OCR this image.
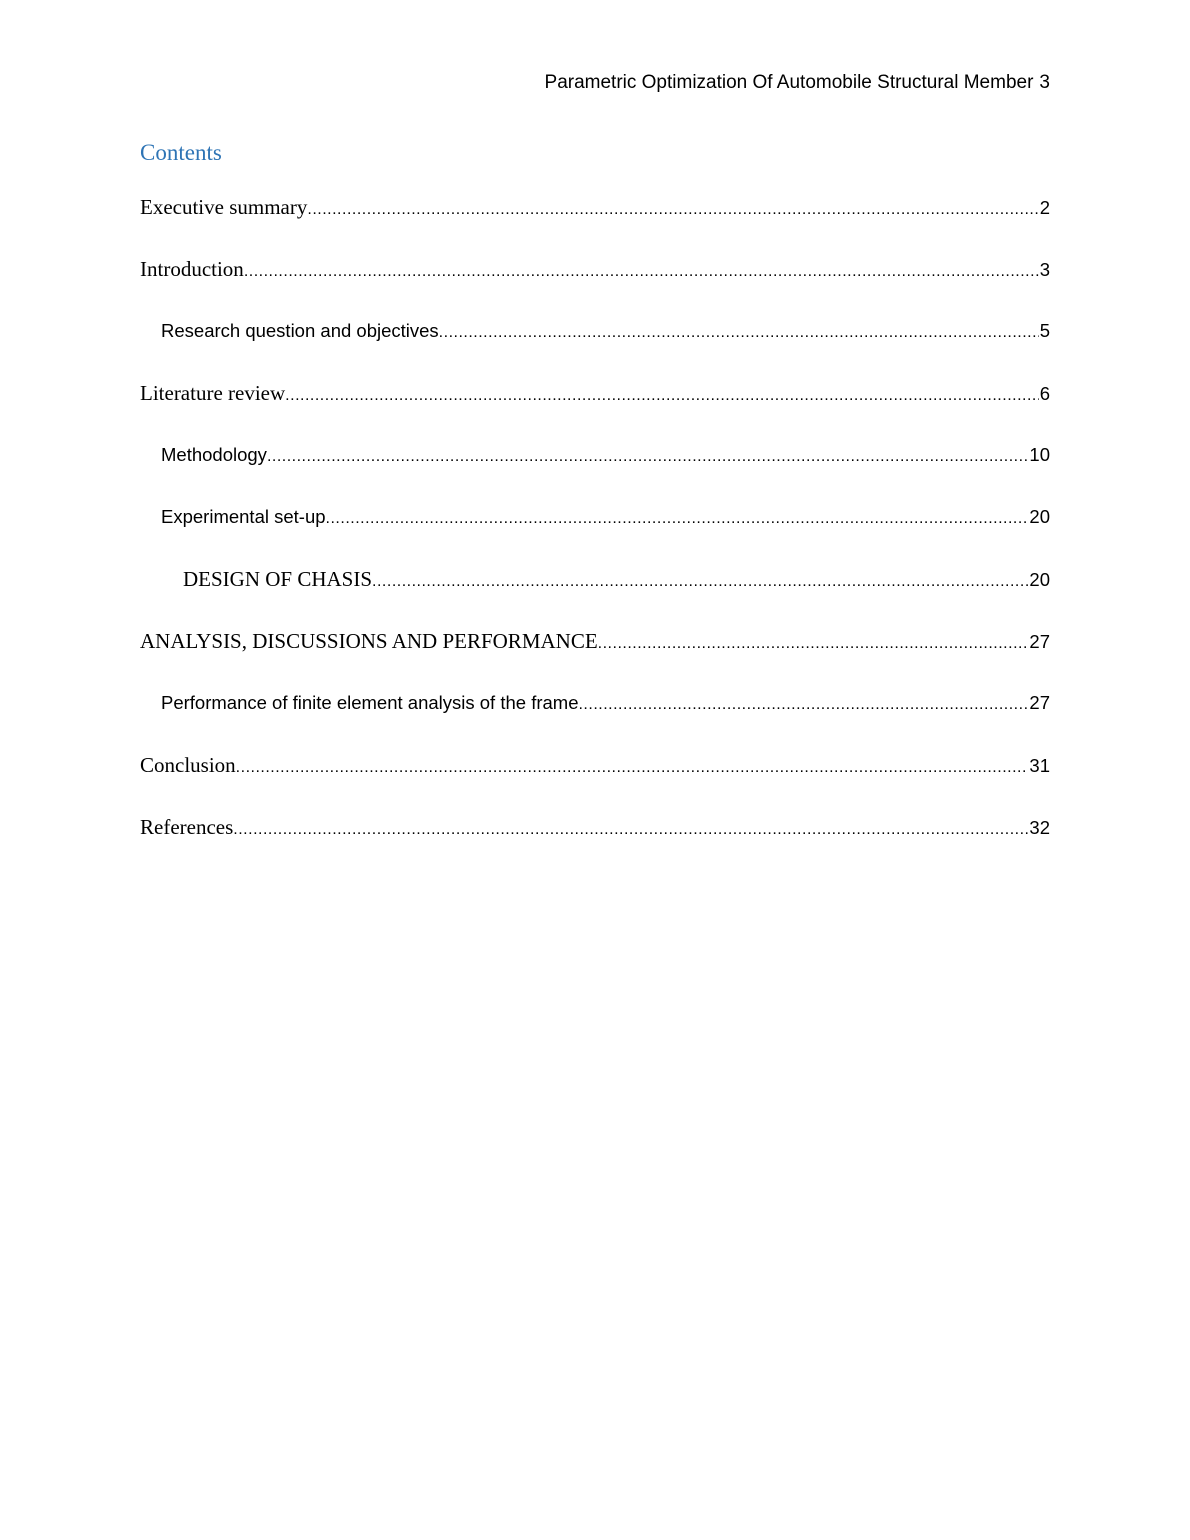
Parametric Optimization Of Automobile Structural Member 3
Contents
Executive summary .....	2
Introduction .....	3
Research question and objectives .....	5
Literature review .....	6
Methodology .....	10
Experimental set-up .....	20
DESIGN OF CHASIS .....	20
ANALYSIS, DISCUSSIONS AND PERFORMANCE .....	27
Performance of finite element analysis of the frame .....	27
Conclusion .....	31
References .....	32
